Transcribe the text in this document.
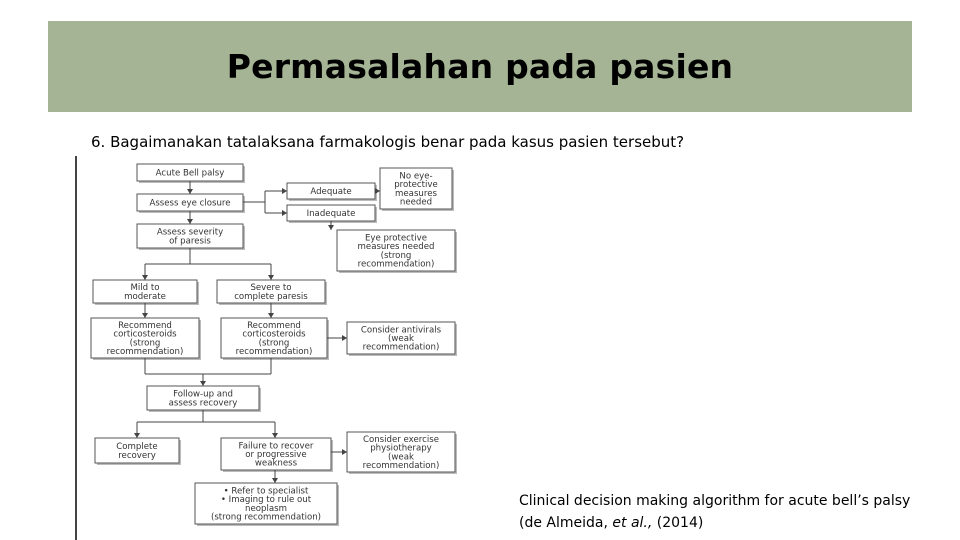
Permasalahan pada pasien
6. Bagaimanakan tatalaksana farmakologis benar pada kasus pasien tersebut?
Acute Bell palsy
Assess eye closure
Adequate
Inadequate
No eye-
protective
measures
needed
Assess severity
of paresis	Eye protective
measures needed
(strong
recommendation)
Mild to
moderate
Severe to
complete paresis
Recommend
corticosteroids
(strong
recommendation)
Recommend
corticosteroids
(strong
recommendation)
Consider antivirals
(weak
recommendation)
Follow-up and
assess recovery
Complete
recovery
Failure to recover
or progressive
weakness
Consider exercise
physiotherapy
(weak
recommendation)
• Refer to specialist
• Imaging to rule out
neoplasm
(strong recommendation)
Clinical decision making algorithm for acute bell’s palsy
(de Almeida, et al., (2014)
